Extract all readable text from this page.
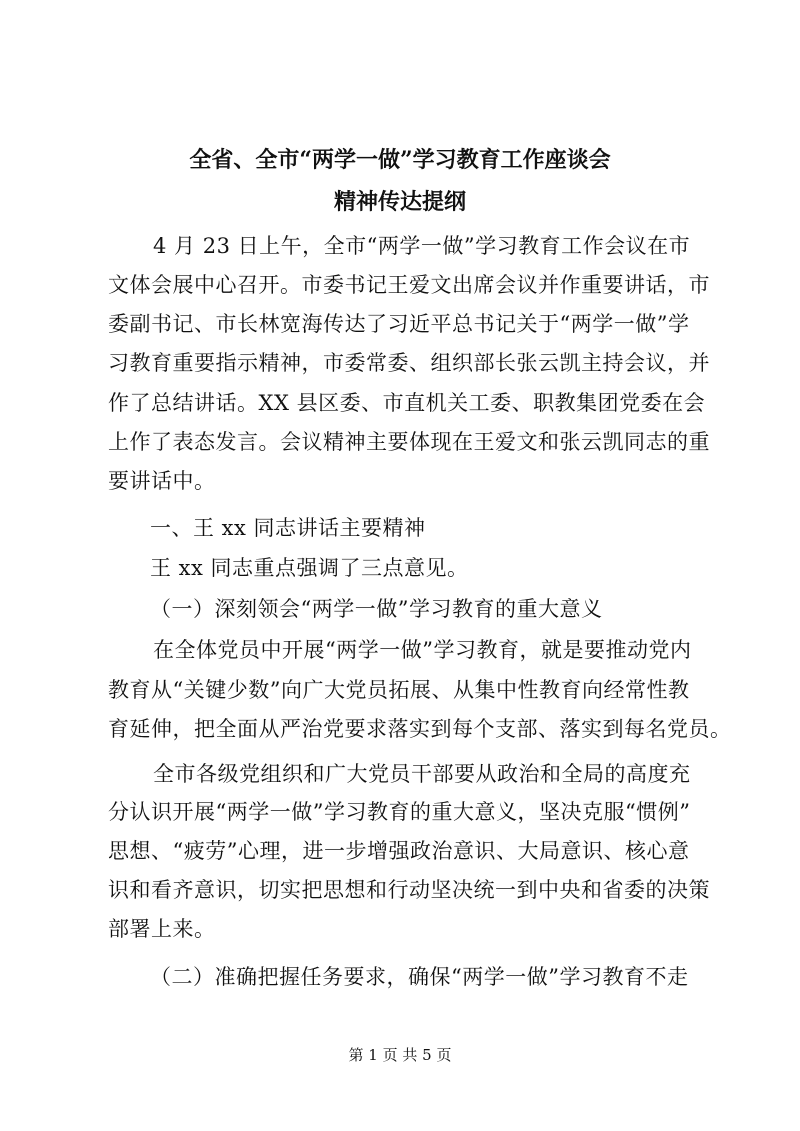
全省、全市“两学一做”学习教育工作座谈会
精神传达提纲
4 月 23 日上午，全市“两学一做”学习教育工作会议在市
文体会展中心召开。市委书记王爱文出席会议并作重要讲话，市
委副书记、市长林宽海传达了习近平总书记关于“两学一做”学
习教育重要指示精神，市委常委、组织部长张云凯主持会议，并
作了总结讲话。XX 县区委、市直机关工委、职教集团党委在会
上作了表态发言。会议精神主要体现在王爱文和张云凯同志的重
要讲话中。
一、王 xx 同志讲话主要精神
王 xx 同志重点强调了三点意见。
（一）深刻领会“两学一做”学习教育的重大意义
在全体党员中开展“两学一做”学习教育，就是要推动党内
教育从“关键少数”向广大党员拓展、从集中性教育向经常性教
育延伸，把全面从严治党要求落实到每个支部、落实到每名党员。
全市各级党组织和广大党员干部要从政治和全局的高度充
分认识开展“两学一做”学习教育的重大意义，坚决克服“惯例”
思想、“疲劳”心理，进一步增强政治意识、大局意识、核心意
识和看齐意识，切实把思想和行动坚决统一到中央和省委的决策
部署上来。
（二）准确把握任务要求，确保“两学一做”学习教育不走
第 1 页 共 5 页
